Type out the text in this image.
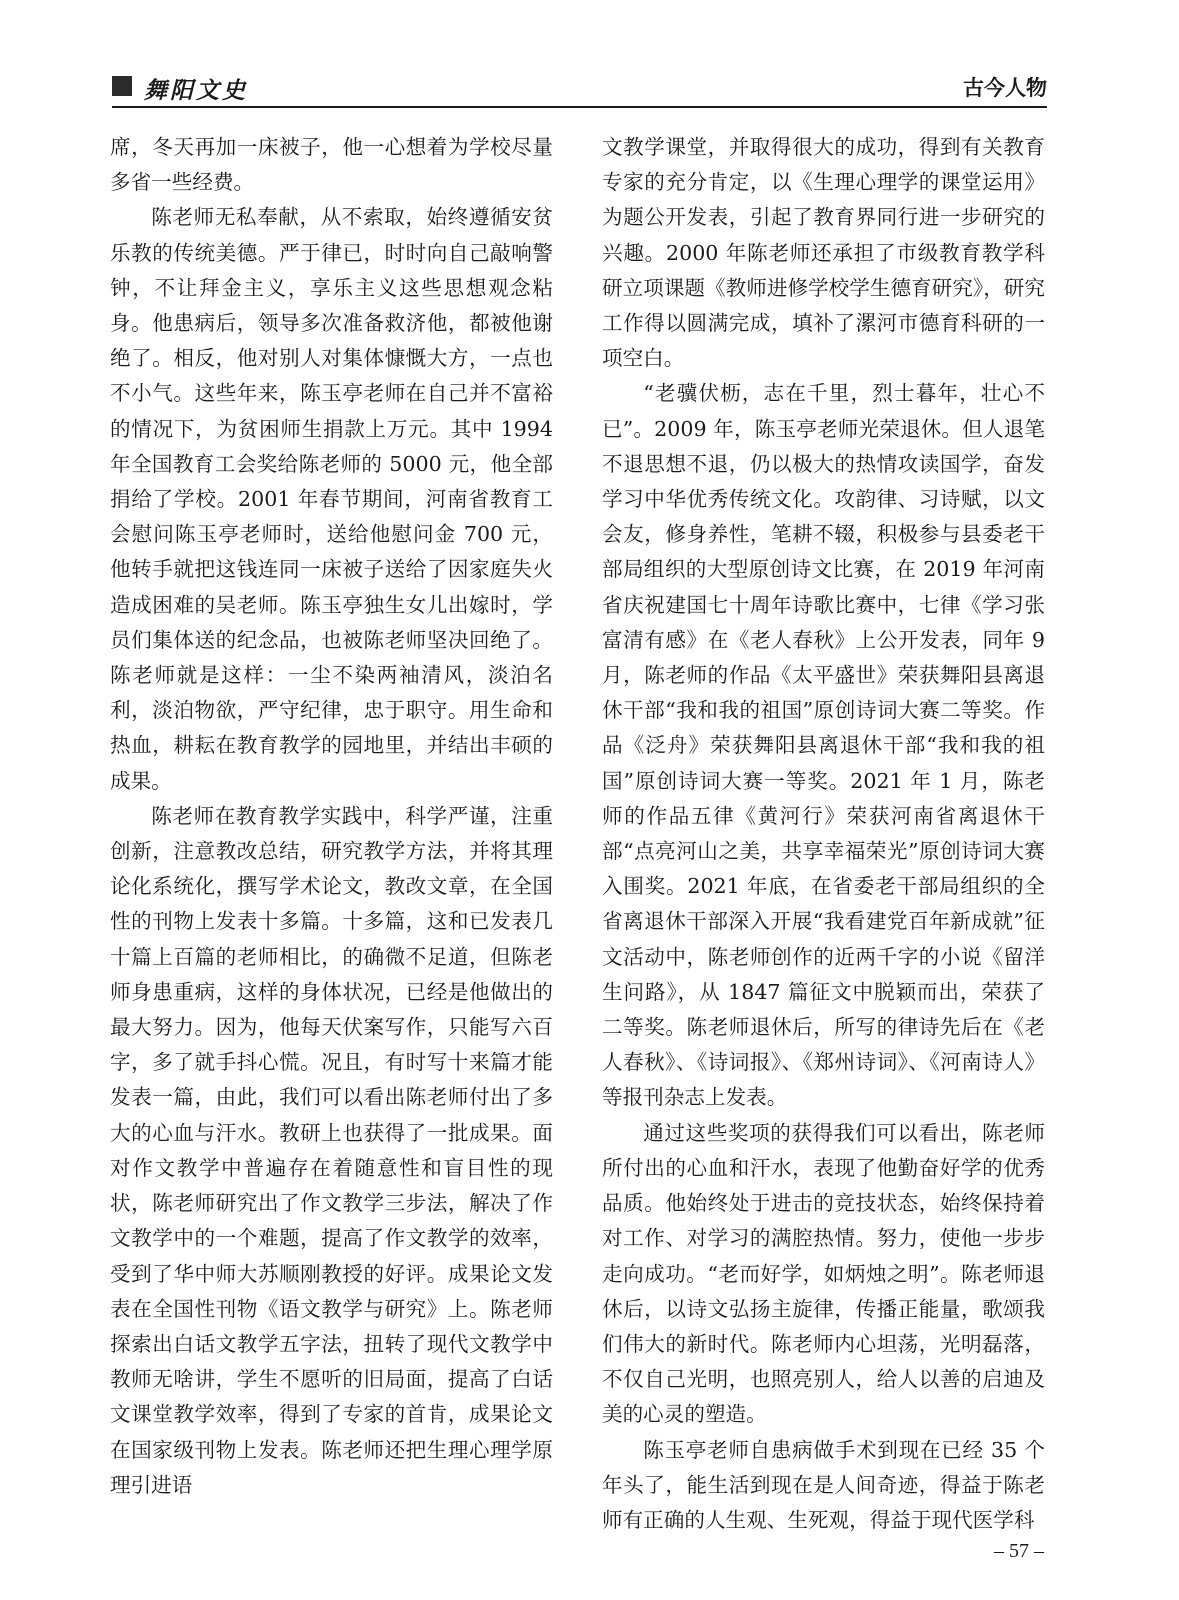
舞阳文史	古今人物

席，冬天再加一床被子，他一心想着为学校尽量多省一些经费。

陈老师无私奉献，从不索取，始终遵循安贫乐教的传统美德。严于律已，时时向自己敲响警钟，不让拜金主义，享乐主义这些思想观念粘身。他患病后，领导多次准备救济他，都被他谢绝了。相反，他对别人对集体慷慨大方，一点也不小气。这些年来，陈玉亭老师在自己并不富裕的情况下，为贫困师生捐款上万元。其中 1994 年全国教育工会奖给陈老师的 5000 元，他全部捐给了学校。2001 年春节期间，河南省教育工会慰问陈玉亭老师时，送给他慰问金 700 元，他转手就把这钱连同一床被子送给了因家庭失火造成困难的吴老师。陈玉亭独生女儿出嫁时，学员们集体送的纪念品，也被陈老师坚决回绝了。陈老师就是这样：一尘不染两袖清风，淡泊名利，淡泊物欲，严守纪律，忠于职守。用生命和热血，耕耘在教育教学的园地里，并结出丰硕的成果。

陈老师在教育教学实践中，科学严谨，注重创新，注意教改总结，研究教学方法，并将其理论化系统化，撰写学术论文，教改文章，在全国性的刊物上发表十多篇。十多篇，这和已发表几十篇上百篇的老师相比，的确微不足道，但陈老师身患重病，这样的身体状况，已经是他做出的最大努力。因为，他每天伏案写作，只能写六百字，多了就手抖心慌。况且，有时写十来篇才能发表一篇，由此，我们可以看出陈老师付出了多大的心血与汗水。教研上也获得了一批成果。面对作文教学中普遍存在着随意性和盲目性的现状，陈老师研究出了作文教学三步法，解决了作文教学中的一个难题，提高了作文教学的效率，受到了华中师大苏顺刚教授的好评。成果论文发表在全国性刊物《语文教学与研究》上。陈老师探索出白话文教学五字法，扭转了现代文教学中教师无啥讲，学生不愿听的旧局面，提高了白话文课堂教学效率，得到了专家的首肯，成果论文在国家级刊物上发表。陈老师还把生理心理学原理引进语

文教学课堂，并取得很大的成功，得到有关教育专家的充分肯定，以《生理心理学的课堂运用》为题公开发表，引起了教育界同行进一步研究的兴趣。2000 年陈老师还承担了市级教育教学科研立项课题《教师进修学校学生德育研究》，研究工作得以圆满完成，填补了漯河市德育科研的一项空白。

“老骥伏枥，志在千里，烈士暮年，壮心不已”。2009 年，陈玉亭老师光荣退休。但人退笔不退思想不退，仍以极大的热情攻读国学，奋发学习中华优秀传统文化。攻韵律、习诗赋，以文会友，修身养性，笔耕不辍，积极参与县委老干部局组织的大型原创诗文比赛，在 2019 年河南省庆祝建国七十周年诗歌比赛中，七律《学习张富清有感》在《老人春秋》上公开发表，同年 9 月，陈老师的作品《太平盛世》荣获舞阳县离退休干部“我和我的祖国”原创诗词大赛二等奖。作品《泛舟》荣获舞阳县离退休干部“我和我的祖国”原创诗词大赛一等奖。2021 年 1 月，陈老师的作品五律《黄河行》荣获河南省离退休干部“点亮河山之美，共享幸福荣光”原创诗词大赛入围奖。2021 年底，在省委老干部局组织的全省离退休干部深入开展“我看建党百年新成就”征文活动中，陈老师创作的近两千字的小说《留洋生问路》，从 1847 篇征文中脱颖而出，荣获了二等奖。陈老师退休后，所写的律诗先后在《老人春秋》、《诗词报》、《郑州诗词》、《河南诗人》等报刊杂志上发表。

通过这些奖项的获得我们可以看出，陈老师所付出的心血和汗水，表现了他勤奋好学的优秀品质。他始终处于进击的竞技状态，始终保持着对工作、对学习的满腔热情。努力，使他一步步走向成功。“老而好学，如炳烛之明”。陈老师退休后，以诗文弘扬主旋律，传播正能量，歌颂我们伟大的新时代。陈老师内心坦荡，光明磊落，不仅自己光明，也照亮别人，给人以善的启迪及美的心灵的塑造。

陈玉亭老师自患病做手术到现在已经 35 个年头了，能生活到现在是人间奇迹，得益于陈老师有正确的人生观、生死观，得益于现代医学科

– 57 –
